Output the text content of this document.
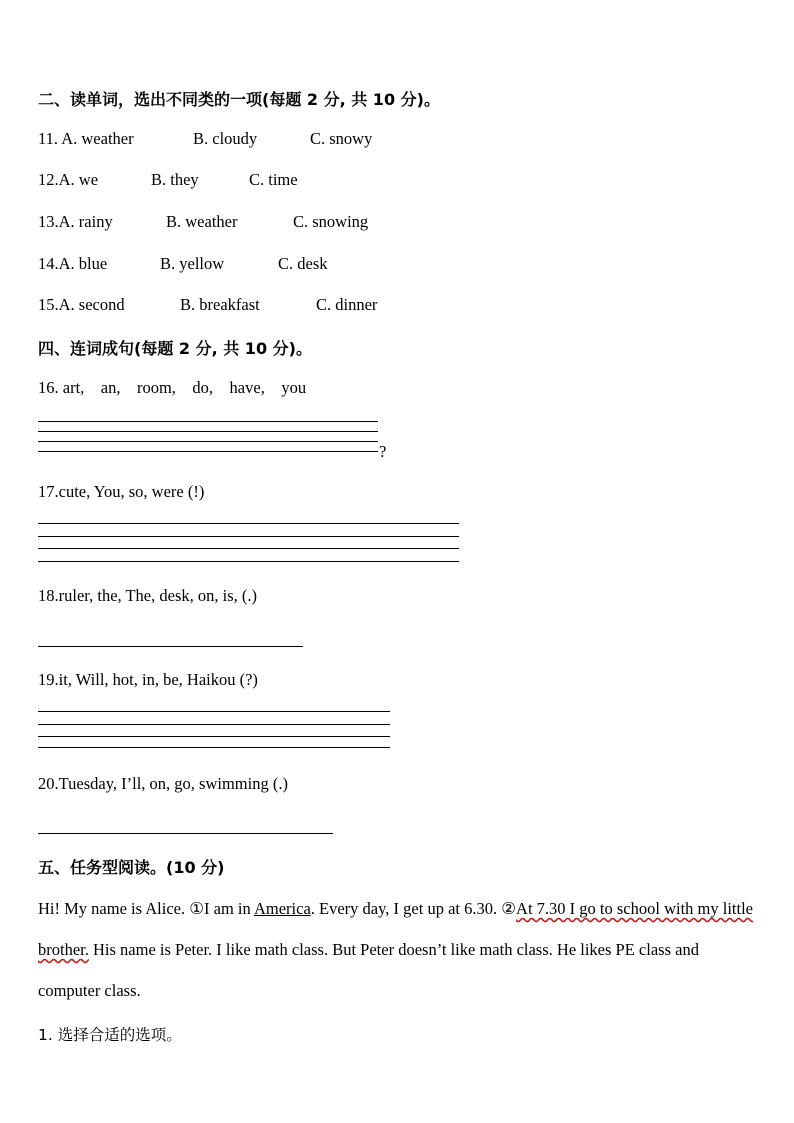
二、读单词，选出不同类的一项(每题 2 分, 共 10 分)。
11. A. weather	B. cloudy	C. snowy
12.A. we	B. they	C. time
13.A. rainy	B. weather	C. snowing
14.A. blue	B. yellow	C. desk
15.A. second	B. breakfast	C. dinner
四、连词成句(每题 2 分, 共 10 分)。
16. art,    an,    room,    do,    have,    you
?
17.cute, You, so, were (!)
18.ruler, the, The, desk, on, is, (.)
19.it, Will, hot, in, be, Haikou (?)
20.Tuesday, I’ll, on, go, swimming (.)
五、任务型阅读。(10 分)
Hi! My name is Alice. ①I am in America. Every day, I get up at 6.30. ②At 7.30 I go to school with my little brother. His name is Peter. I like math class. But Peter doesn’t like math class. He likes PE class and computer class.
1. 选择合适的选项。
